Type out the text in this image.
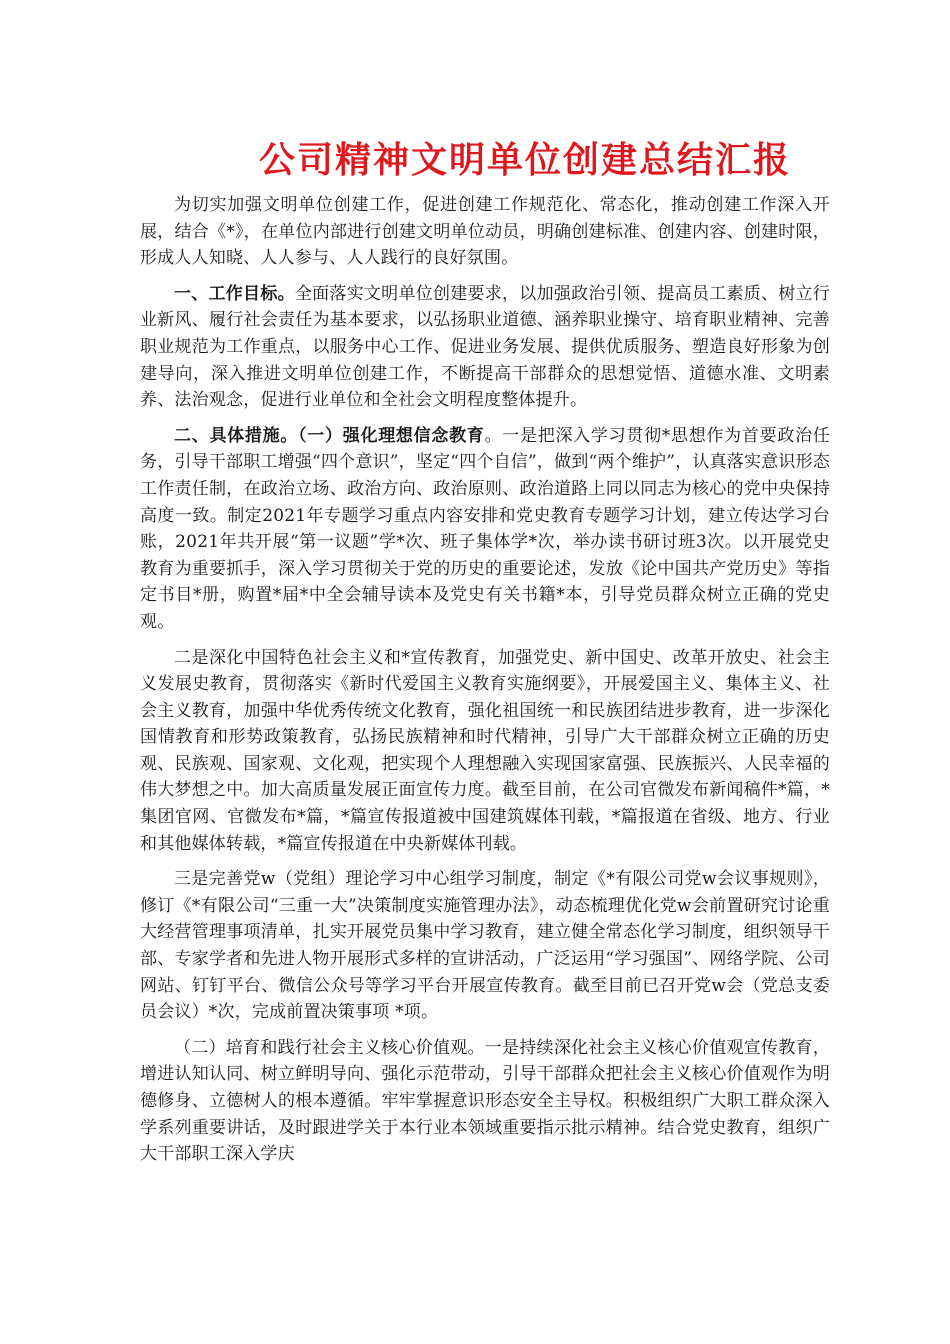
公司精神文明单位创建总结汇报

为切实加强文明单位创建工作，促进创建工作规范化、常态化，推动创建工作深入开展，结合《*》，在单位内部进行创建文明单位动员，明确创建标准、创建内容、创建时限，形成人人知晓、人人参与、人人践行的良好氛围。

一、工作目标。全面落实文明单位创建要求，以加强政治引领、提高员工素质、树立行业新风、履行社会责任为基本要求，以弘扬职业道德、涵养职业操守、培育职业精神、完善职业规范为工作重点，以服务中心工作、促进业务发展、提供优质服务、塑造良好形象为创建导向，深入推进文明单位创建工作，不断提高干部群众的思想觉悟、道德水准、文明素养、法治观念，促进行业单位和全社会文明程度整体提升。

二、具体措施。（一）强化理想信念教育。一是把深入学习贯彻*思想作为首要政治任务，引导干部职工增强“四个意识”，坚定“四个自信”，做到“两个维护”，认真落实意识形态工作责任制，在政治立场、政治方向、政治原则、政治道路上同以同志为核心的党中央保持高度一致。制定2021年专题学习重点内容安排和党史教育专题学习计划，建立传达学习台账，2021年共开展“第一议题”学*次、班子集体学*次，举办读书研讨班3次。以开展党史教育为重要抓手，深入学习贯彻关于党的历史的重要论述，发放《论中国共产党历史》等指定书目*册，购置*届*中全会辅导读本及党史有关书籍*本，引导党员群众树立正确的党史观。

二是深化中国特色社会主义和*宣传教育，加强党史、新中国史、改革开放史、社会主义发展史教育，贯彻落实《新时代爱国主义教育实施纲要》，开展爱国主义、集体主义、社会主义教育，加强中华优秀传统文化教育，强化祖国统一和民族团结进步教育，进一步深化国情教育和形势政策教育，弘扬民族精神和时代精神，引导广大干部群众树立正确的历史观、民族观、国家观、文化观，把实现个人理想融入实现国家富强、民族振兴、人民幸福的伟大梦想之中。加大高质量发展正面宣传力度。截至目前，在公司官微发布新闻稿件*篇，*集团官网、官微发布*篇，*篇宣传报道被中国建筑媒体刊载，*篇报道在省级、地方、行业和其他媒体转载，*篇宣传报道在中央新媒体刊载。

三是完善党w（党组）理论学习中心组学习制度，制定《*有限公司党w会议事规则》，修订《*有限公司“三重一大”决策制度实施管理办法》，动态梳理优化党w会前置研究讨论重大经营管理事项清单，扎实开展党员集中学习教育，建立健全常态化学习制度，组织领导干部、专家学者和先进人物开展形式多样的宣讲活动，广泛运用“学习强国”、网络学院、公司网站、钉钉平台、微信公众号等学习平台开展宣传教育。截至目前已召开党w会（党总支委员会议）*次，完成前置决策事项 *项。

（二）培育和践行社会主义核心价值观。一是持续深化社会主义核心价值观宣传教育，增进认知认同、树立鲜明导向、强化示范带动，引导干部群众把社会主义核心价值观作为明德修身、立德树人的根本遵循。牢牢掌握意识形态安全主导权。积极组织广大职工群众深入学系列重要讲话，及时跟进学关于本行业本领域重要指示批示精神。结合党史教育，组织广大干部职工深入学庆
